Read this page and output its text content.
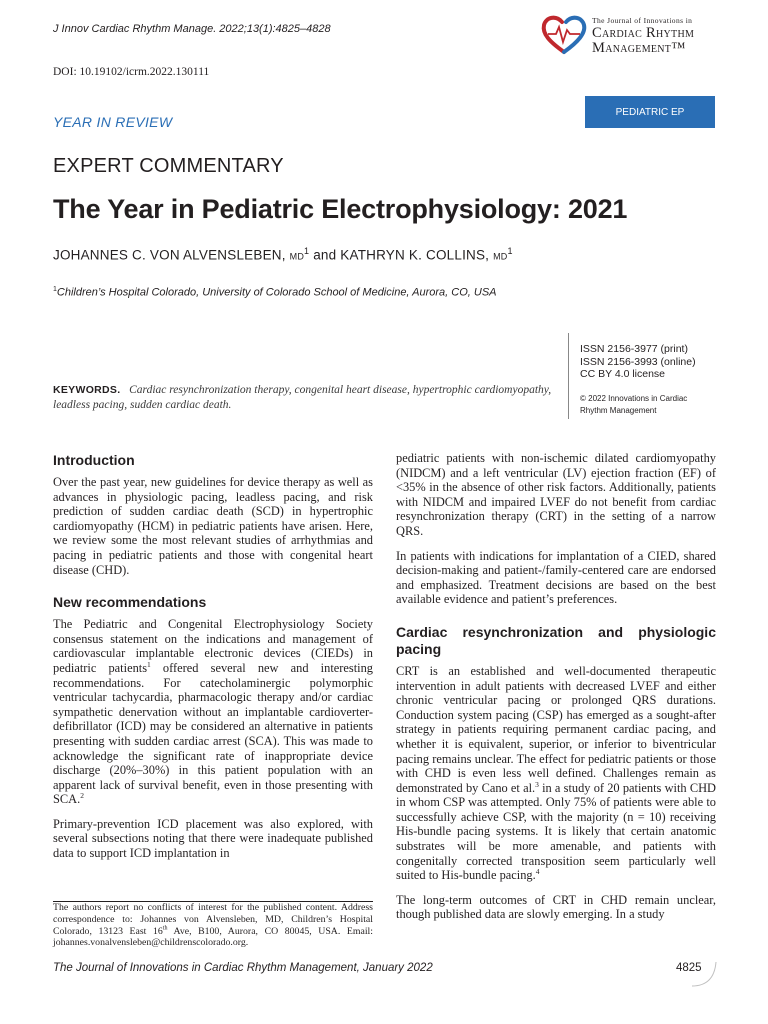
J Innov Cardiac Rhythm Manage. 2022;13(1):4825–4828
DOI: 10.19102/icrm.2022.130111
The Journal of Innovations in
Cardiac Rhythm
Management™
PEDIATRIC EP
YEAR IN REVIEW
EXPERT COMMENTARY
The Year in Pediatric Electrophysiology: 2021
JOHANNES C. VON ALVENSLEBEN, $MD^1$ and KATHRYN K. COLLINS, $MD^1$
$^1$Children’s Hospital Colorado, University of Colorado School of Medicine, Aurora, CO, USA
ISSN 2156-3977 (print)
ISSN 2156-3993 (online)
CC BY 4.0 license
© 2022 Innovations in Cardiac Rhythm Management
KEYWORDS. Cardiac resynchronization therapy, congenital heart disease, hypertrophic cardiomyopathy, leadless pacing, sudden cardiac death.
Introduction

Over the past year, new guidelines for device therapy as well as advances in physiologic pacing, leadless pacing, and risk prediction of sudden cardiac death (SCD) in hypertrophic cardiomyopathy (HCM) in pediatric patients have arisen. Here, we review some the most relevant studies of arrhythmias and pacing in pediatric patients and those with congenital heart disease (CHD).

New recommendations

The Pediatric and Congenital Electrophysiology Society consensus statement on the indications and management of cardiovascular implantable electronic devices (CIEDs) in pediatric patients$^1$ offered several new and interesting recommendations. For catecholaminergic polymorphic ventricular tachycardia, pharmacologic therapy and/or cardiac sympathetic denervation without an implantable cardioverter-defibrillator (ICD) may be considered an alternative in patients presenting with sudden cardiac arrest (SCA). This was made to acknowledge the significant rate of inappropriate device discharge (20%–30%) in this patient population with an apparent lack of survival benefit, even in those presenting with SCA.$^2$

Primary-prevention ICD placement was also explored, with several subsections noting that there were inadequate published data to support ICD implantation in

pediatric patients with non-ischemic dilated cardiomyopathy (NIDCM) and a left ventricular (LV) ejection fraction (EF) of <35% in the absence of other risk factors. Additionally, patients with NIDCM and impaired LVEF do not benefit from cardiac resynchronization therapy (CRT) in the setting of a narrow QRS.

In patients with indications for implantation of a CIED, shared decision-making and patient-/family-centered care are endorsed and emphasized. Treatment decisions are based on the best available evidence and patient’s preferences.

Cardiac resynchronization and physiologic pacing

CRT is an established and well-documented therapeutic intervention in adult patients with decreased LVEF and either chronic ventricular pacing or prolonged QRS durations. Conduction system pacing (CSP) has emerged as a sought-after strategy in patients requiring permanent cardiac pacing, and whether it is equivalent, superior, or inferior to biventricular pacing remains unclear. The effect for pediatric patients or those with CHD is even less well defined. Challenges remain as demonstrated by Cano et al.$^3$ in a study of 20 patients with CHD in whom CSP was attempted. Only 75% of patients were able to successfully achieve CSP, with the majority (n = 10) receiving His-bundle pacing systems. It is likely that certain anatomic substrates will be more amenable, and patients with congenitally corrected transposition seem particularly well suited to His-bundle pacing.$^4$

The long-term outcomes of CRT in CHD remain unclear, though published data are slowly emerging. In a study

The authors report no conflicts of interest for the published content. Address correspondence to: Johannes von Alvensleben, MD, Children’s Hospital Colorado, 13123 East 16th Ave, B100, Aurora, CO 80045, USA. Email: johannes.vonalvensleben@childrenscolorado.org.

The Journal of Innovations in Cardiac Rhythm Management, January 2022	4825
